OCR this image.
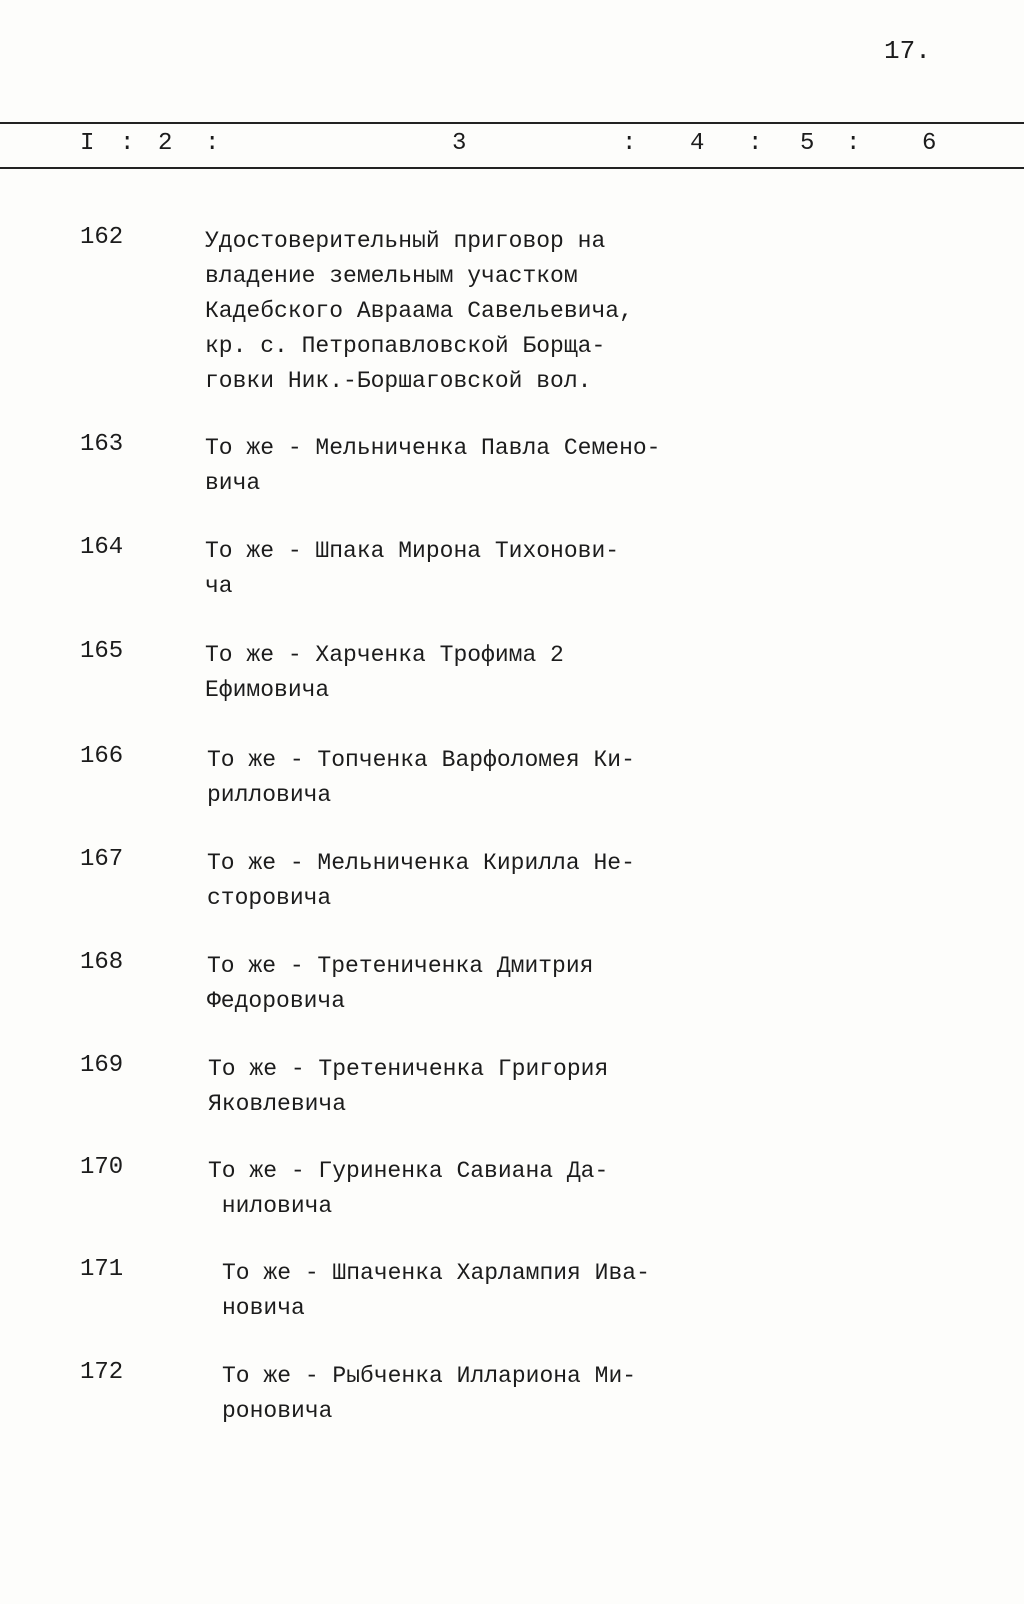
17.
I : 2 :	3	: 4 : 5 :	6
162	Удостоверительный приговор на
владение земельным участком
Кадебского Авраама Савельевича,
кр. с. Петропавловской Борща-
говки Ник.-Боршаговской вол.
163	То же - Мельниченка Павла Семено-
вича
164	То же - Шпака Мирона Тихонови-
ча
165	То же - Харченка Трофима 2
Ефимовича
166	То же - Топченка Варфоломея Ки-
рилловича
167	То же - Мельниченка Кирилла Не-
сторовича
168	То же - Третениченка Дмитрия
Федоровича
169	То же - Третениченка Григория
Яковлевича
170	То же - Гуриненка Савиана Да-
ниловича
171	То же - Шпаченка Харлампия Ива-
новича
172	То же - Рыбченка Иллариона Ми-
роновича
